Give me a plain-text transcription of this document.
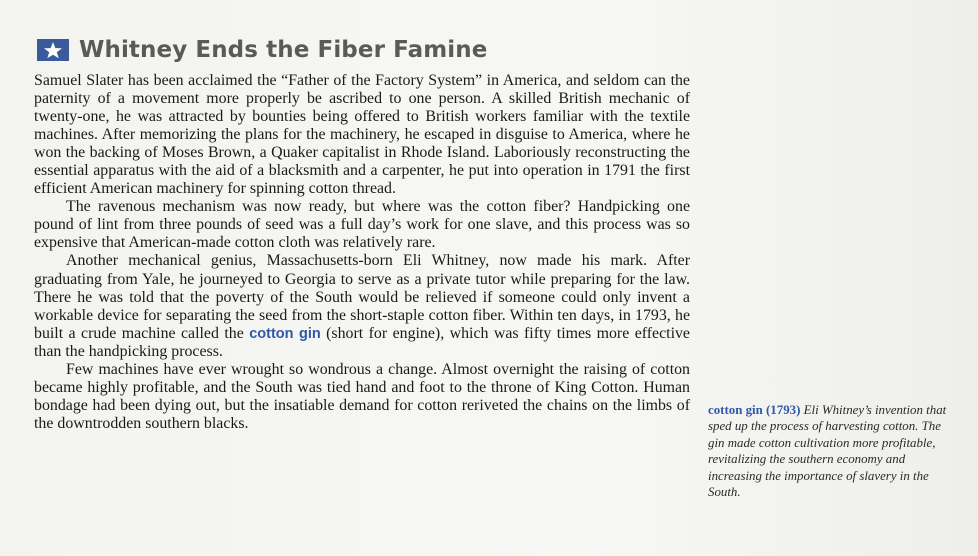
Whitney Ends the Fiber Famine

Samuel Slater has been acclaimed the “Father of the Factory System” in America, and seldom can the paternity of a movement more properly be ascribed to one person. A skilled British mechanic of twenty-one, he was attracted by bounties being offered to British workers familiar with the textile machines. After memorizing the plans for the machinery, he escaped in disguise to America, where he won the backing of Moses Brown, a Quaker capitalist in Rhode Island. Laboriously reconstructing the essential apparatus with the aid of a blacksmith and a carpenter, he put into operation in 1791 the first efficient American machinery for spinning cotton thread.

The ravenous mechanism was now ready, but where was the cotton fiber? Handpicking one pound of lint from three pounds of seed was a full day’s work for one slave, and this process was so expensive that American-made cotton cloth was relatively rare.

Another mechanical genius, Massachusetts-born Eli Whitney, now made his mark. After graduating from Yale, he journeyed to Georgia to serve as a private tutor while preparing for the law. There he was told that the poverty of the South would be relieved if someone could only invent a workable device for separating the seed from the short-staple cotton fiber. Within ten days, in 1793, he built a crude machine called the cotton gin (short for engine), which was fifty times more effective than the handpicking process.

Few machines have ever wrought so wondrous a change. Almost overnight the raising of cotton became highly profitable, and the South was tied hand and foot to the throne of King Cotton. Human bondage had been dying out, but the insatiable demand for cotton reriveted the chains on the limbs of the downtrodden southern blacks.

cotton gin (1793) Eli Whitney’s invention that sped up the process of harvesting cotton. The gin made cotton cultivation more profitable, revitalizing the southern economy and increasing the importance of slavery in the South.
